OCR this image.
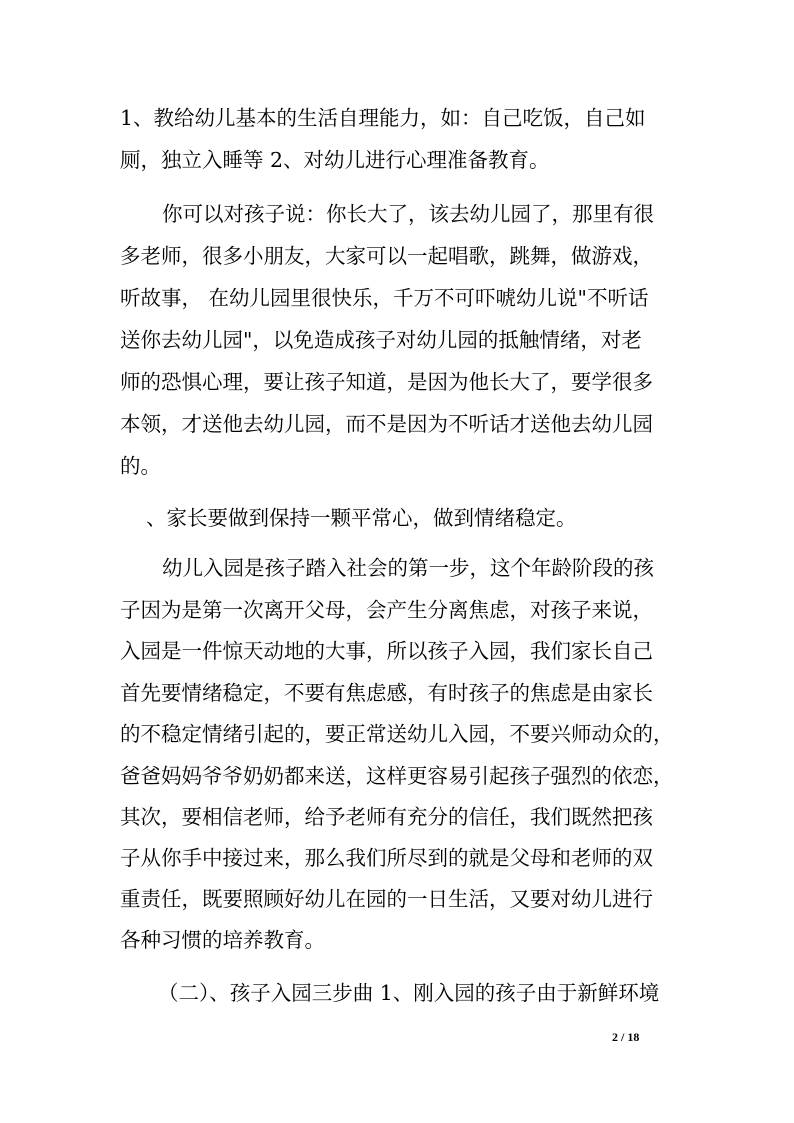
1、教给幼儿基本的生活自理能力，如：自己吃饭，自己如
厕，独立入睡等 2、对幼儿进行心理准备教育。
你可以对孩子说：你长大了，该去幼儿园了，那里有很
多老师，很多小朋友，大家可以一起唱歌，跳舞，做游戏，
听故事， 在幼儿园里很快乐，千万不可吓唬幼儿说"不听话
送你去幼儿园"，以免造成孩子对幼儿园的抵触情绪，对老
师的恐惧心理，要让孩子知道，是因为他长大了，要学很多
本领，才送他去幼儿园，而不是因为不听话才送他去幼儿园
的。
、家长要做到保持一颗平常心，做到情绪稳定。
幼儿入园是孩子踏入社会的第一步，这个年龄阶段的孩
子因为是第一次离开父母，会产生分离焦虑，对孩子来说，
入园是一件惊天动地的大事，所以孩子入园，我们家长自己
首先要情绪稳定，不要有焦虑感，有时孩子的焦虑是由家长
的不稳定情绪引起的，要正常送幼儿入园，不要兴师动众的，
爸爸妈妈爷爷奶奶都来送，这样更容易引起孩子强烈的依恋，
其次，要相信老师，给予老师有充分的信任，我们既然把孩
子从你手中接过来，那么我们所尽到的就是父母和老师的双
重责任，既要照顾好幼儿在园的一日生活，又要对幼儿进行
各种习惯的培养教育。
（二）、孩子入园三步曲 1、刚入园的孩子由于新鲜环境
2 / 18
